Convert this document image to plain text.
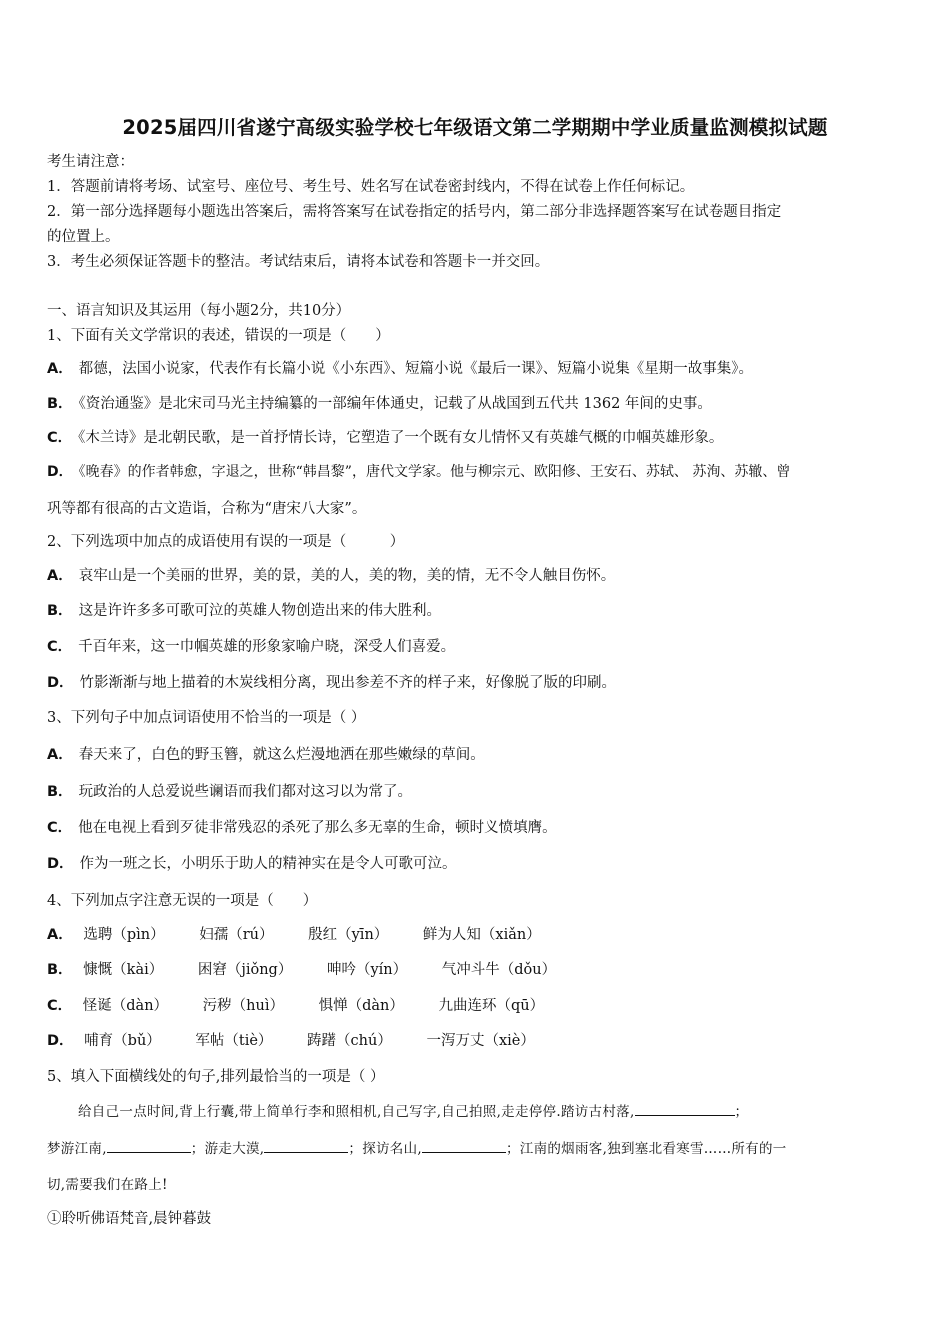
2025届四川省遂宁高级实验学校七年级语文第二学期期中学业质量监测模拟试题
考生请注意：
1．答题前请将考场、试室号、座位号、考生号、姓名写在试卷密封线内，不得在试卷上作任何标记。
2．第一部分选择题每小题选出答案后，需将答案写在试卷指定的括号内，第二部分非选择题答案写在试卷题目指定
的位置上。
3．考生必须保证答题卡的整洁。考试结束后，请将本试卷和答题卡一并交回。
一、语言知识及其运用（每小题2分，共10分）
1、下面有关文学常识的表述，错误的一项是（　　）
A． 都德，法国小说家，代表作有长篇小说《小东西》、短篇小说《最后一课》、短篇小说集《星期一故事集》。
B． 《资治通鉴》是北宋司马光主持编纂的一部编年体通史，记载了从战国到五代共 1362 年间的史事。
C． 《木兰诗》是北朝民歌，是一首抒情长诗，它塑造了一个既有女儿情怀又有英雄气概的巾帼英雄形象。
D． 《晚春》的作者韩愈，字退之，世称“韩昌黎”，唐代文学家。他与柳宗元、欧阳修、王安石、苏轼、 苏洵、苏辙、曾
巩等都有很高的古文造诣，合称为“唐宋八大家”。
2、下列选项中加点的成语使用有误的一项是（　　　）
A． 哀牢山是一个美丽的世界，美的景，美的人，美的物，美的情，无不令人触目伤怀。
B． 这是许许多多可歌可泣的英雄人物创造出来的伟大胜利。
C． 千百年来，这一巾帼英雄的形象家喻户晓，深受人们喜爱。
D． 竹影渐渐与地上描着的木炭线相分离，现出参差不齐的样子来，好像脱了版的印刷。
3、下列句子中加点词语使用不恰当的一项是（ ）
A． 春天来了，白色的野玉簪，就这么烂漫地洒在那些嫩绿的草间。
B． 玩政治的人总爱说些谰语而我们都对这习以为常了。
C． 他在电视上看到歹徒非常残忍的杀死了那么多无辜的生命，顿时义愤填膺。
D． 作为一班之长，小明乐于助人的精神实在是令人可歌可泣。
4、下列加点字注意无误的一项是（　　）
A． 选聘（pìn） 妇孺（rú） 殷红（yīn） 鲜为人知（xiǎn）
B． 慷慨（kài） 困窘（jiǒng） 呻吟（yín） 气冲斗牛（dǒu）
C． 怪诞（dàn） 污秽（huì） 惧惮（dàn） 九曲连环（qū）
D． 哺育（bǔ） 军帖（tiè） 踌躇（chú） 一泻万丈（xiè）
5、填入下面横线处的句子,排列最恰当的一项是（ ）
给自己一点时间,背上行囊,带上简单行李和照相机,自己写字,自己拍照,走走停停.踏访古村落,	；
梦游江南,	；游走大漠,	；探访名山,	；江南的烟雨客,独到塞北看寒雪……所有的一
切,需要我们在路上!
①聆听佛语梵音,晨钟暮鼓
